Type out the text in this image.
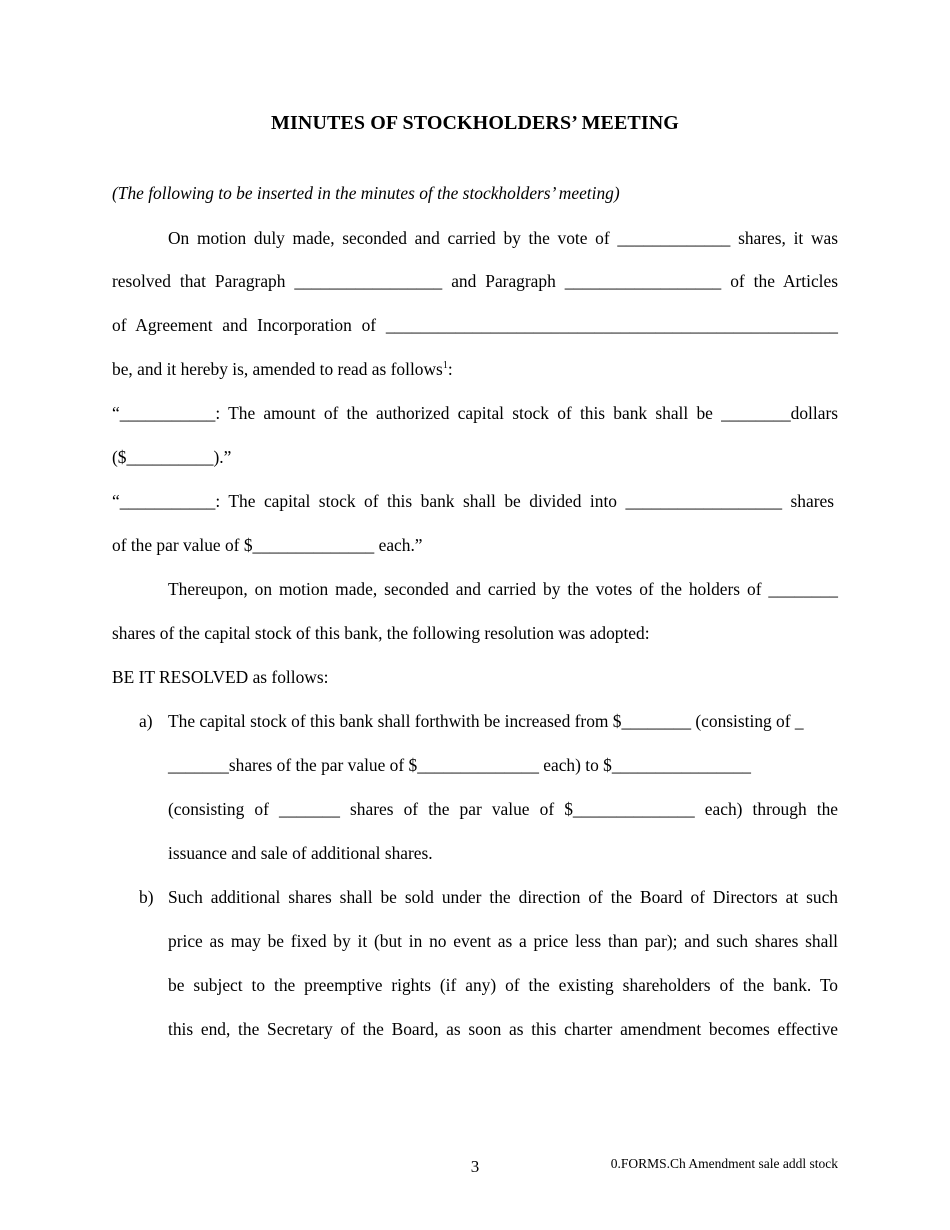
MINUTES OF STOCKHOLDERS’ MEETING
(The following to be inserted in the minutes of the stockholders’ meeting)
On motion duly made, seconded and carried by the vote of _____________ shares, it was
resolved that Paragraph _________________ and Paragraph __________________ of the Articles
of Agreement and Incorporation of ____________________________________________________
be, and it hereby is, amended to read as follows$^1$:
“___________: The amount of the authorized capital stock of this bank shall be ________dollars
($__________).”
“___________: The capital stock of this bank shall be divided into __________________ shares
of the par value of $______________ each.”
Thereupon, on motion made, seconded and carried by the votes of the holders of ________
shares of the capital stock of this bank, the following resolution was adopted:
BE IT RESOLVED as follows:
a) The capital stock of this bank shall forthwith be increased from $________ (consisting of _
_______shares of the par value of $______________ each) to $________________
(consisting of _______ shares of the par value of $______________ each) through the
issuance and sale of additional shares.
b) Such additional shares shall be sold under the direction of the Board of Directors at such
price as may be fixed by it (but in no event as a price less than par); and such shares shall
be subject to the preemptive rights (if any) of the existing shareholders of the bank. To
this end, the Secretary of the Board, as soon as this charter amendment becomes effective
3	0.FORMS.Ch Amendment sale addl stock
